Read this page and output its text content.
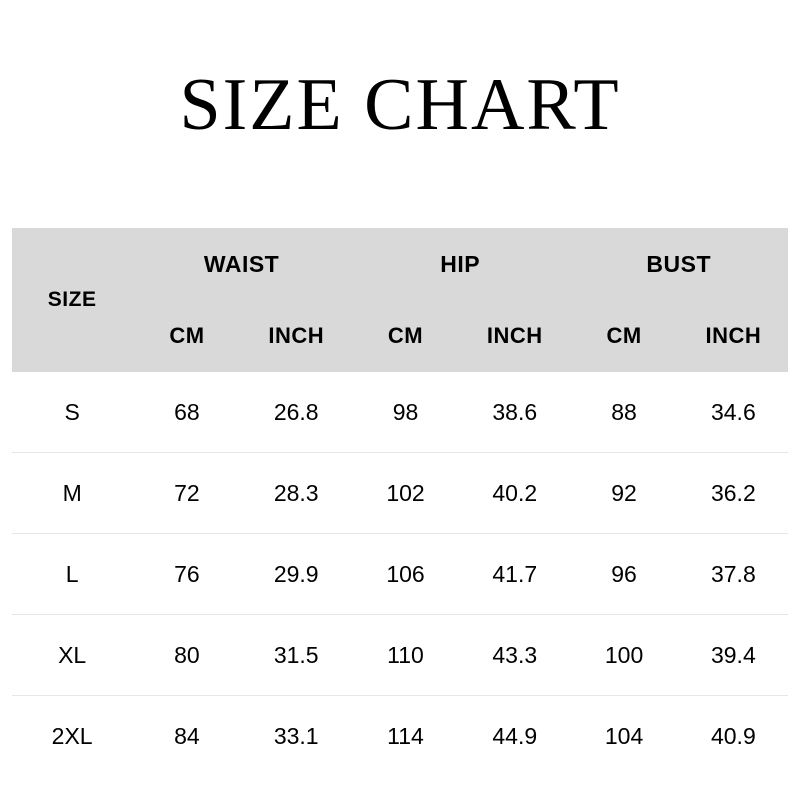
SIZE CHART
SIZE	WAIST		HIP		BUST	
	CM	INCH	CM	INCH	CM	INCH
S	68	26.8	98	38.6	88	34.6
M	72	28.3	102	40.2	92	36.2
L	76	29.9	106	41.7	96	37.8
XL	80	31.5	110	43.3	100	39.4
2XL	84	33.1	114	44.9	104	40.9
